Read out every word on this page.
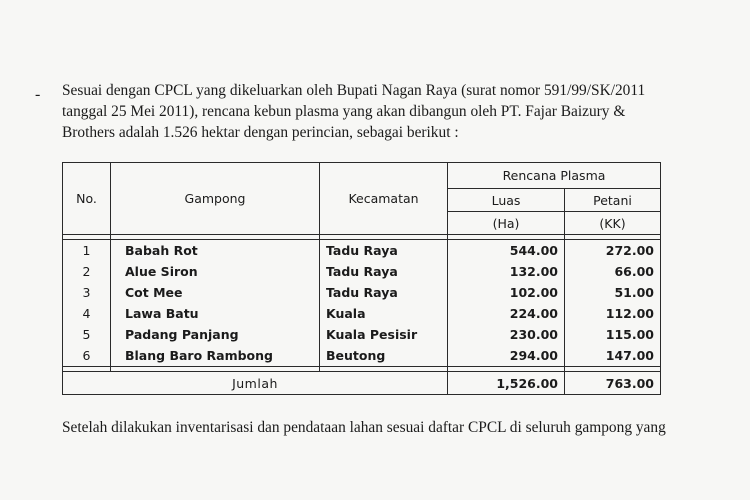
- Sesuai dengan CPCL yang dikeluarkan oleh Bupati Nagan Raya (surat nomor 591/99/SK/2011
tanggal 25 Mei 2011), rencana kebun plasma yang akan dibangun oleh PT. Fajar Baizury &
Brothers adalah 1.526 hektar dengan perincian, sebagai berikut :
No.	Gampong	Kecamatan	Rencana Plasma	
			Luas	Petani
			(Ha)	(KK)

1	Babah Rot	Tadu Raya	544.00	272.00
2	Alue Siron	Tadu Raya	132.00	66.00
3	Cot Mee	Tadu Raya	102.00	51.00
4	Lawa Batu	Kuala	224.00	112.00
5	Padang Panjang	Kuala Pesisir	230.00	115.00
6	Blang Baro Rambong	Beutong	294.00	147.00

Jumlah			1,526.00	763.00
Setelah dilakukan inventarisasi dan pendataan lahan sesuai daftar CPCL di seluruh gampong yang
